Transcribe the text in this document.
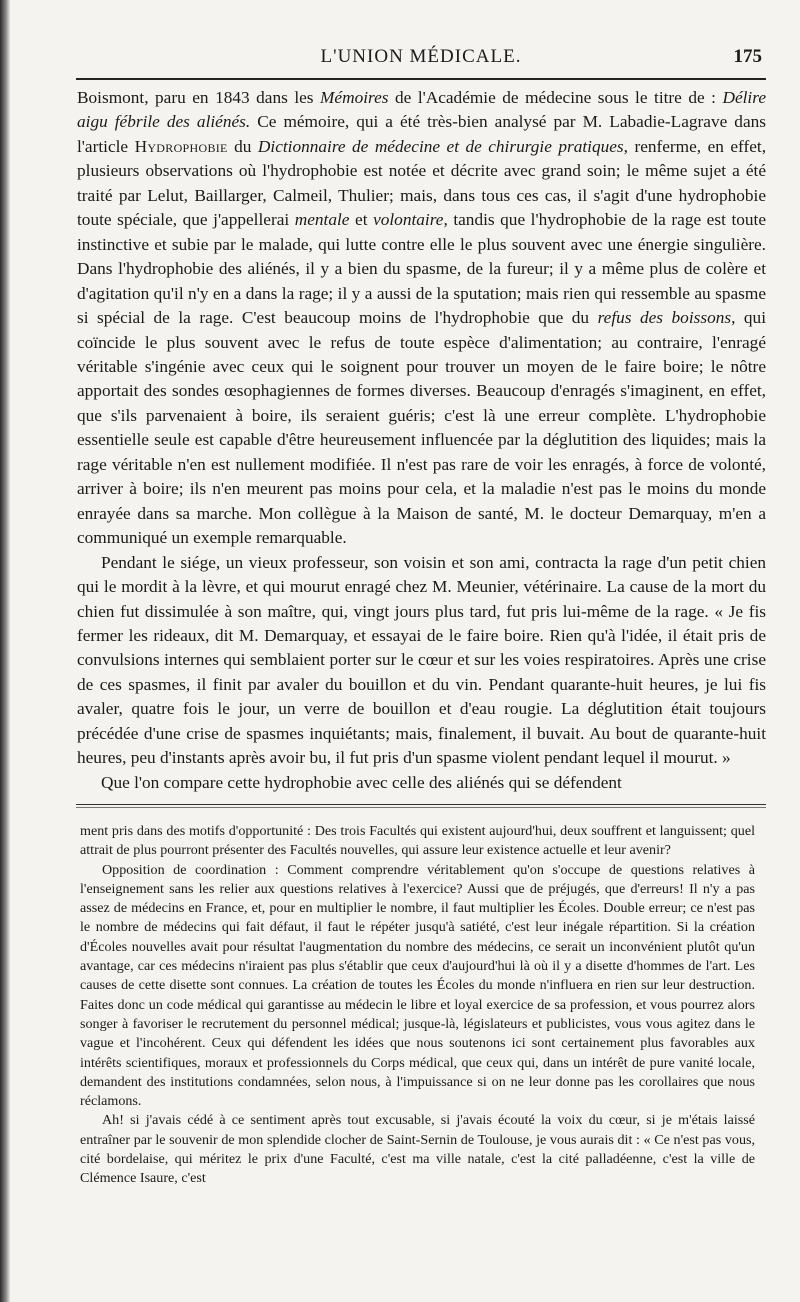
L'UNION MÉDICALE.	175

Boismont, paru en 1843 dans les Mémoires de l'Académie de médecine sous le titre de : Délire aigu fébrile des aliénés. Ce mémoire, qui a été très-bien analysé par M. Labadie-Lagrave dans l'article Hydrophobie du Dictionnaire de médecine et de chirurgie pratiques, renferme, en effet, plusieurs observations où l'hydrophobie est notée et décrite avec grand soin; le même sujet a été traité par Lelut, Baillarger, Calmeil, Thulier; mais, dans tous ces cas, il s'agit d'une hydrophobie toute spéciale, que j'appellerai mentale et volontaire, tandis que l'hydrophobie de la rage est toute instinctive et subie par le malade, qui lutte contre elle le plus souvent avec une énergie singulière. Dans l'hydrophobie des aliénés, il y a bien du spasme, de la fureur; il y a même plus de colère et d'agitation qu'il n'y en a dans la rage; il y a aussi de la sputation; mais rien qui ressemble au spasme si spécial de la rage. C'est beaucoup moins de l'hydrophobie que du refus des boissons, qui coïncide le plus souvent avec le refus de toute espèce d'alimentation; au contraire, l'enragé véritable s'ingénie avec ceux qui le soignent pour trouver un moyen de le faire boire; le nôtre apportait des sondes œsophagiennes de formes diverses. Beaucoup d'enragés s'imaginent, en effet, que s'ils parvenaient à boire, ils seraient guéris; c'est là une erreur complète. L'hydrophobie essentielle seule est capable d'être heureusement influencée par la déglutition des liquides; mais la rage véritable n'en est nullement modifiée. Il n'est pas rare de voir les enragés, à force de volonté, arriver à boire; ils n'en meurent pas moins pour cela, et la maladie n'est pas le moins du monde enrayée dans sa marche. Mon collègue à la Maison de santé, M. le docteur Demarquay, m'en a communiqué un exemple remarquable.

Pendant le siége, un vieux professeur, son voisin et son ami, contracta la rage d'un petit chien qui le mordit à la lèvre, et qui mourut enragé chez M. Meunier, vétérinaire. La cause de la mort du chien fut dissimulée à son maître, qui, vingt jours plus tard, fut pris lui-même de la rage. « Je fis fermer les rideaux, dit M. Demarquay, et essayai de le faire boire. Rien qu'à l'idée, il était pris de convulsions internes qui semblaient porter sur le cœur et sur les voies respiratoires. Après une crise de ces spasmes, il finit par avaler du bouillon et du vin. Pendant quarante-huit heures, je lui fis avaler, quatre fois le jour, un verre de bouillon et d'eau rougie. La déglutition était toujours précédée d'une crise de spasmes inquiétants; mais, finalement, il buvait. Au bout de quarante-huit heures, peu d'instants après avoir bu, il fut pris d'un spasme violent pendant lequel il mourut. »

Que l'on compare cette hydrophobie avec celle des aliénés qui se défendent

ment pris dans des motifs d'opportunité : Des trois Facultés qui existent aujourd'hui, deux souffrent et languissent; quel attrait de plus pourront présenter des Facultés nouvelles, qui assure leur existence actuelle et leur avenir?

Opposition de coordination : Comment comprendre véritablement qu'on s'occupe de questions relatives à l'enseignement sans les relier aux questions relatives à l'exercice? Aussi que de préjugés, que d'erreurs! Il n'y a pas assez de médecins en France, et, pour en multiplier le nombre, il faut multiplier les Écoles. Double erreur; ce n'est pas le nombre de médecins qui fait défaut, il faut le répéter jusqu'à satiété, c'est leur inégale répartition. Si la création d'Écoles nouvelles avait pour résultat l'augmentation du nombre des médecins, ce serait un inconvénient plutôt qu'un avantage, car ces médecins n'iraient pas plus s'établir que ceux d'aujourd'hui là où il y a disette d'hommes de l'art. Les causes de cette disette sont connues. La création de toutes les Écoles du monde n'influera en rien sur leur destruction. Faites donc un code médical qui garantisse au médecin le libre et loyal exercice de sa profession, et vous pourrez alors songer à favoriser le recrutement du personnel médical; jusque-là, législateurs et publicistes, vous vous agitez dans le vague et l'incohérent. Ceux qui défendent les idées que nous soutenons ici sont certainement plus favorables aux intérêts scientifiques, moraux et professionnels du Corps médical, que ceux qui, dans un intérêt de pure vanité locale, demandent des institutions condamnées, selon nous, à l'impuissance si on ne leur donne pas les corollaires que nous réclamons.

Ah! si j'avais cédé à ce sentiment après tout excusable, si j'avais écouté la voix du cœur, si je m'étais laissé entraîner par le souvenir de mon splendide clocher de Saint-Sernin de Toulouse, je vous aurais dit : « Ce n'est pas vous, cité bordelaise, qui méritez le prix d'une Faculté, c'est ma ville natale, c'est la cité palladéenne, c'est la ville de Clémence Isaure, c'est
